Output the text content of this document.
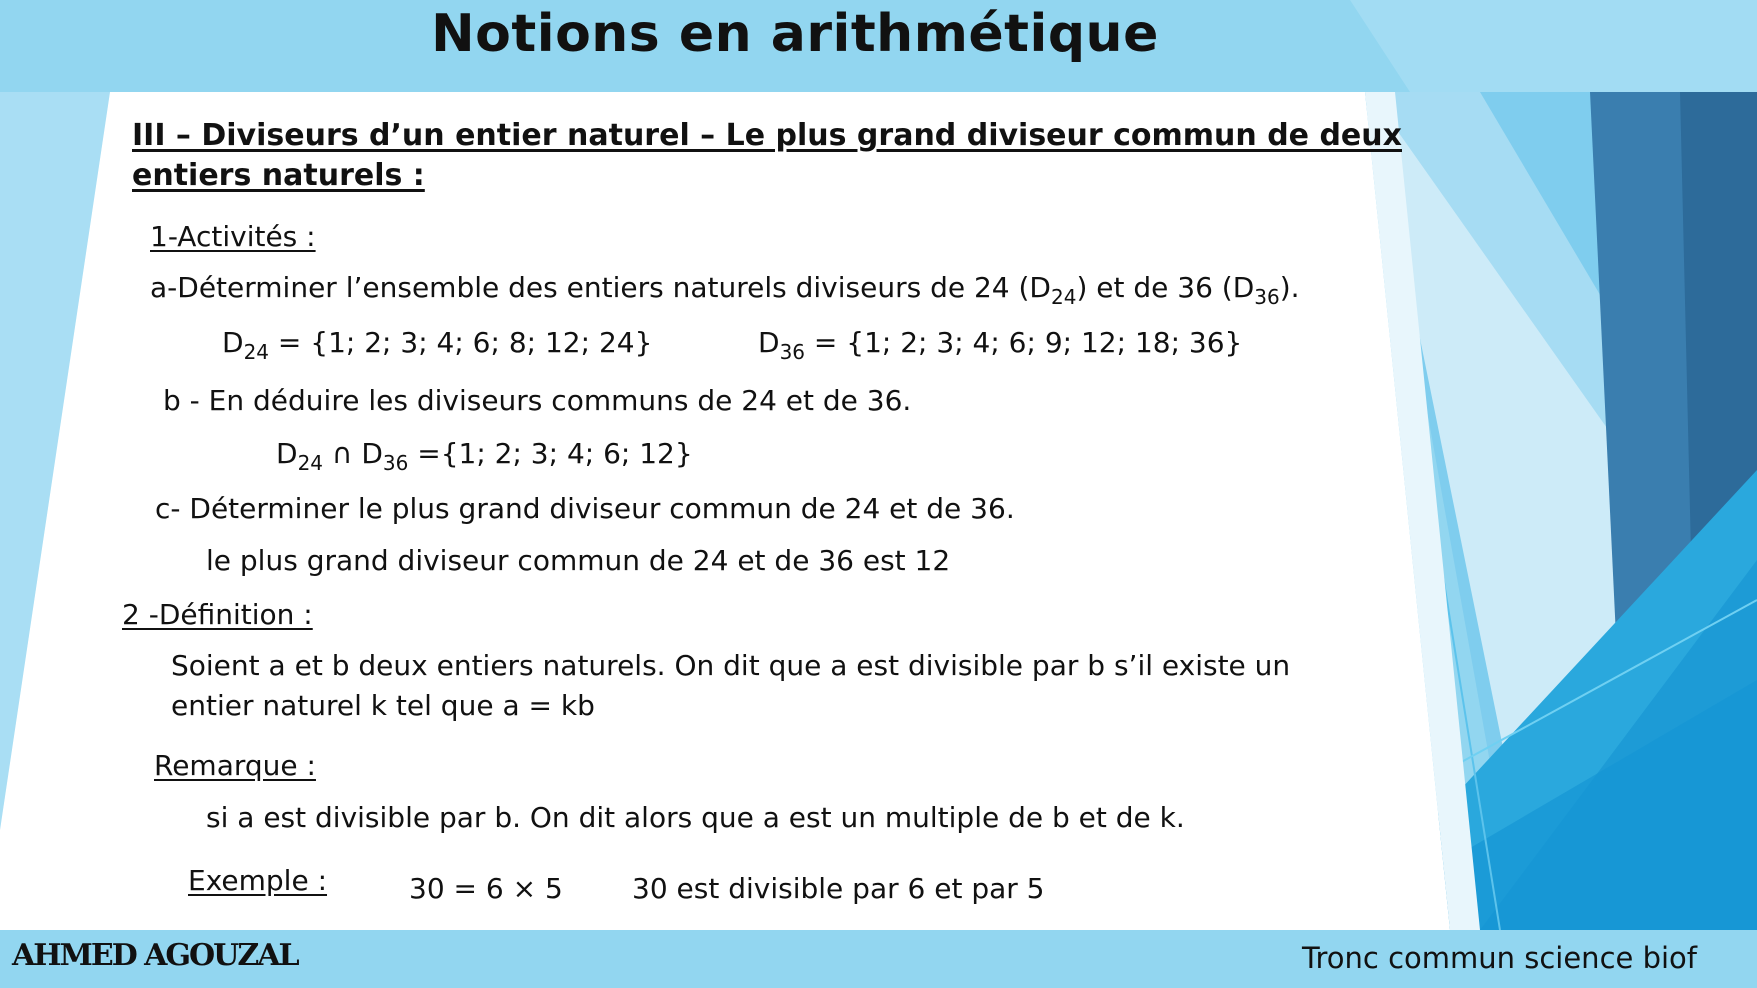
Notions en arithmétique
III – Diviseurs d’un entier naturel – Le plus grand diviseur commun de deux
entiers naturels :
1-Activités :
a-Déterminer l’ensemble des entiers naturels diviseurs de 24 $(D_{24})$ et de 36 $(D_{36})$.
$D_{24} = \{1$; 2; 3; 4; 6; 8; 12; 24}	$D_{36} = \{1$; 2; 3; 4; 6; 9; 12; 18; 36}
b - En déduire les diviseurs communs de 24 et de 36.
$D_{24}$ ∩ $D_{36} =\{1$; 2; 3; 4; 6; 12}
c- Déterminer le plus grand diviseur commun de 24 et de 36.
le plus grand diviseur commun de 24 et de 36 est 12
2 -Définition :
Soient a et b deux entiers naturels. On dit que a est divisible par b s’il existe un
entier naturel k tel que a = kb
Remarque :
si a est divisible par b. On dit alors que a est un multiple de b et de k.
Exemple :	30 = 6 × 5 30 est divisible par 6 et par 5
AHMED AGOUZAL	Tronc commun science biof
